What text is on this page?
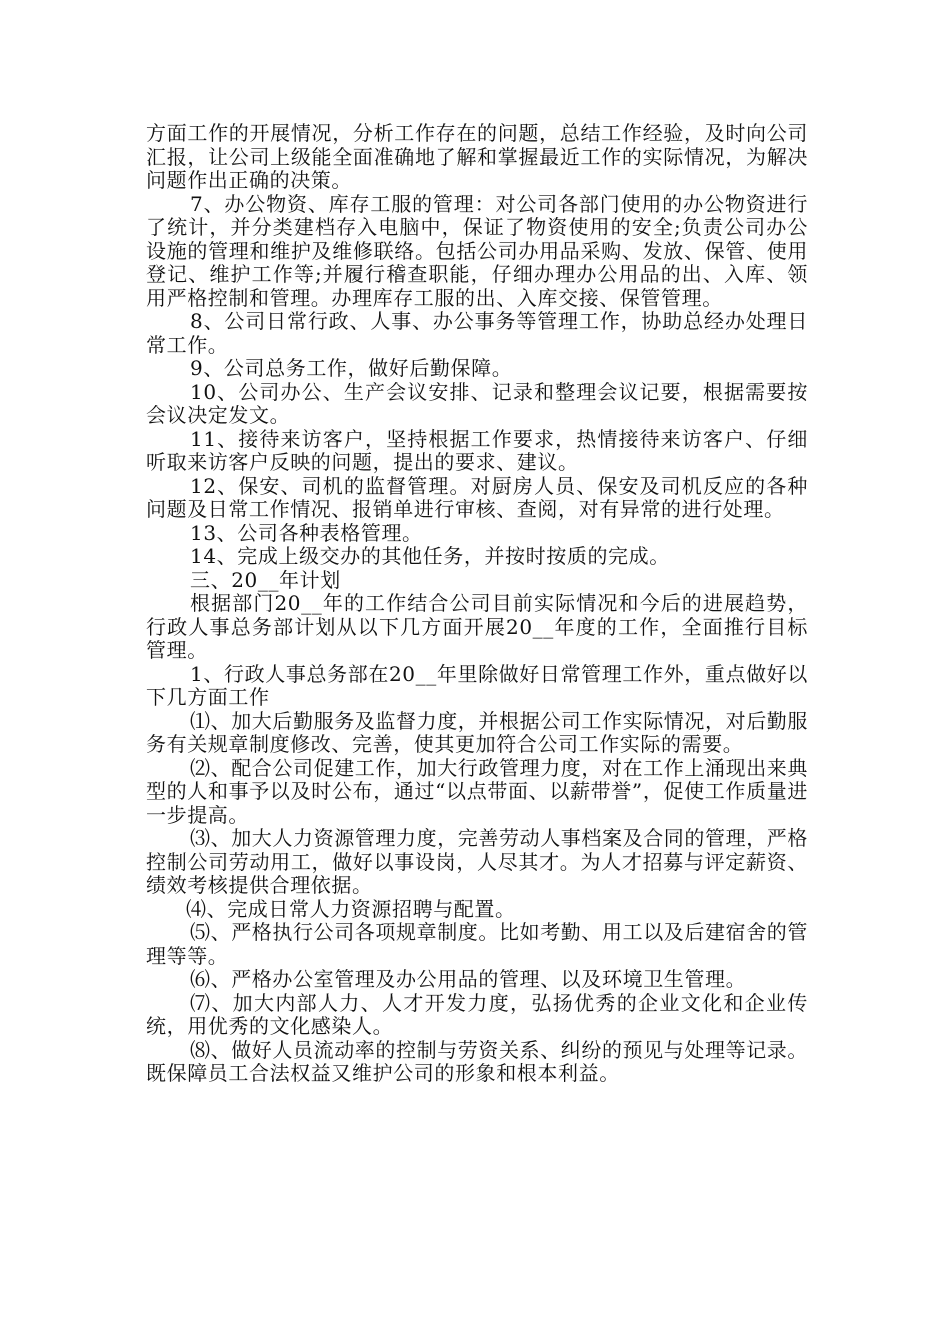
方面工作的开展情况，分析工作存在的问题，总结工作经验，及时向公司汇报，让公司上级能全面准确地了解和掌握最近工作的实际情况，为解决问题作出正确的决策。

7、办公物资、库存工服的管理：对公司各部门使用的办公物资进行了统计，并分类建档存入电脑中，保证了物资使用的安全;负责公司办公设施的管理和维护及维修联络。包括公司办用品采购、发放、保管、使用登记、维护工作等;并履行稽查职能，仔细办理办公用品的出、入库、领用严格控制和管理。办理库存工服的出、入库交接、保管管理。

8、公司日常行政、人事、办公事务等管理工作，协助总经办处理日常工作。

9、公司总务工作，做好后勤保障。

10、公司办公、生产会议安排、记录和整理会议记要，根据需要按会议决定发文。

11、接待来访客户，坚持根据工作要求，热情接待来访客户、仔细听取来访客户反映的问题，提出的要求、建议。

12、保安、司机的监督管理。对厨房人员、保安及司机反应的各种问题及日常工作情况、报销单进行审核、查阅，对有异常的进行处理。

13、公司各种表格管理。

14、完成上级交办的其他任务，并按时按质的完成。

三、20__年计划

根据部门20__年的工作结合公司目前实际情况和今后的进展趋势，行政人事总务部计划从以下几方面开展20__年度的工作，全面推行目标管理。

1、行政人事总务部在20__年里除做好日常管理工作外，重点做好以下几方面工作

⑴、加大后勤服务及监督力度，并根据公司工作实际情况，对后勤服务有关规章制度修改、完善，使其更加符合公司工作实际的需要。

⑵、配合公司促建工作，加大行政管理力度，对在工作上涌现出来典型的人和事予以及时公布，通过“以点带面、以薪带誉”，促使工作质量进一步提高。

⑶、加大人力资源管理力度，完善劳动人事档案及合同的管理，严格控制公司劳动用工，做好以事设岗，人尽其才。为人才招募与评定薪资、绩效考核提供合理依据。

⑷、完成日常人力资源招聘与配置。

⑸、严格执行公司各项规章制度。比如考勤、用工以及后建宿舍的管理等等。

⑹、严格办公室管理及办公用品的管理、以及环境卫生管理。

⑺、加大内部人力、人才开发力度，弘扬优秀的企业文化和企业传统，用优秀的文化感染人。

⑻、做好人员流动率的控制与劳资关系、纠纷的预见与处理等记录。既保障员工合法权益又维护公司的形象和根本利益。
